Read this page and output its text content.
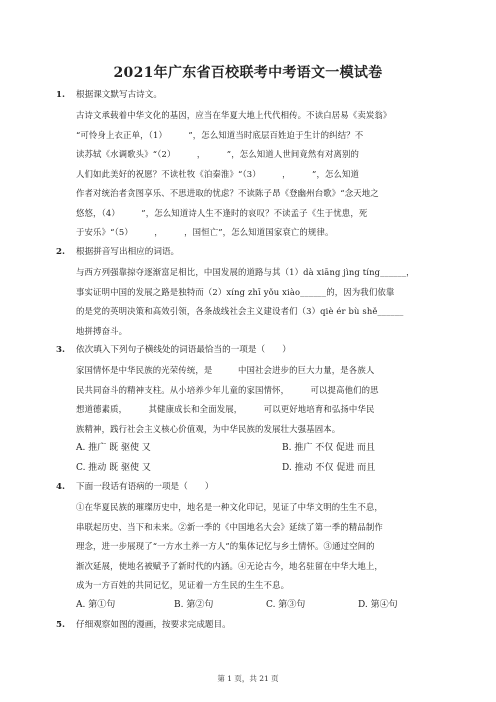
2021年广东省百校联考中考语文一模试卷
1. 根据课文默写古诗文。
古诗文承载着中华文化的基因，应当在华夏大地上代代相传。不读白居易《卖炭翁》
“可怜身上衣正单，（1）　　　”，怎么知道当时底层百姓迫于生计的纠结？不
读苏轼《水调歌头》“（2）　　　，　　　”，怎么知道人世间竟然有对离别的
人们如此美好的祝愿？不读杜牧《泊秦淮》“（3）　　　，　　　”，怎么知道
作者对统治者贪图享乐、不思进取的忧虑？不读陈子昂《登幽州台歌》“念天地之
悠悠，（4）　　　”，怎么知道诗人生不逢时的哀叹？不读孟子《生于忧患，死
于安乐》“（5）　　　，　　　，国恒亡”，怎么知道国家衰亡的规律。
2. 根据拼音写出相应的词语。
与西方列强靠掠夺逐渐富足相比，中国发展的道路与其（1）dà xiāng jìng tíng______，
事实证明中国的发展之路是独特而（2）xíng zhī yǒu xiào______的，因为我们依靠
的是党的英明决策和高效引领，各条战线社会主义建设者们（3）qiè ér bù shě______
地拼搏奋斗。
3. 依次填入下列句子横线处的词语最恰当的一项是（　　）
家国情怀是中华民族的光荣传统，是　　　中国社会进步的巨大力量，是各族人
民共同奋斗的精神支柱。从小培养少年儿童的家国情怀，　　　可以提高他们的思
想道德素质，　　　其健康成长和全面发展，　　　可以更好地培育和弘扬中华民
族精神，践行社会主义核心价值观，为中华民族的发展壮大强基固本。
A. 推广 既 驱使 又	B. 推广 不仅 促进 而且
C. 推动 既 驱使 又	D. 推动 不仅 促进 而且
4. 下面一段话有语病的一项是（　　）
①在华夏民族的璀璨历史中，地名是一种文化印记，见证了中华文明的生生不息，
串联起历史、当下和未来。②新一季的《中国地名大会》延续了第一季的精品制作
理念，进一步展现了“一方水土养一方人”的集体记忆与乡土情怀。③通过空间的
渐次延展，使地名被赋予了新时代的内涵。④无论古今，地名驻留在中华大地上，
成为一方百姓的共同记忆，见证着一方生民的生生不息。
A. 第①句	B. 第②句	C. 第③句	D. 第④句
5. 仔细观察如图的漫画，按要求完成题目。
第 1 页，共 21 页
